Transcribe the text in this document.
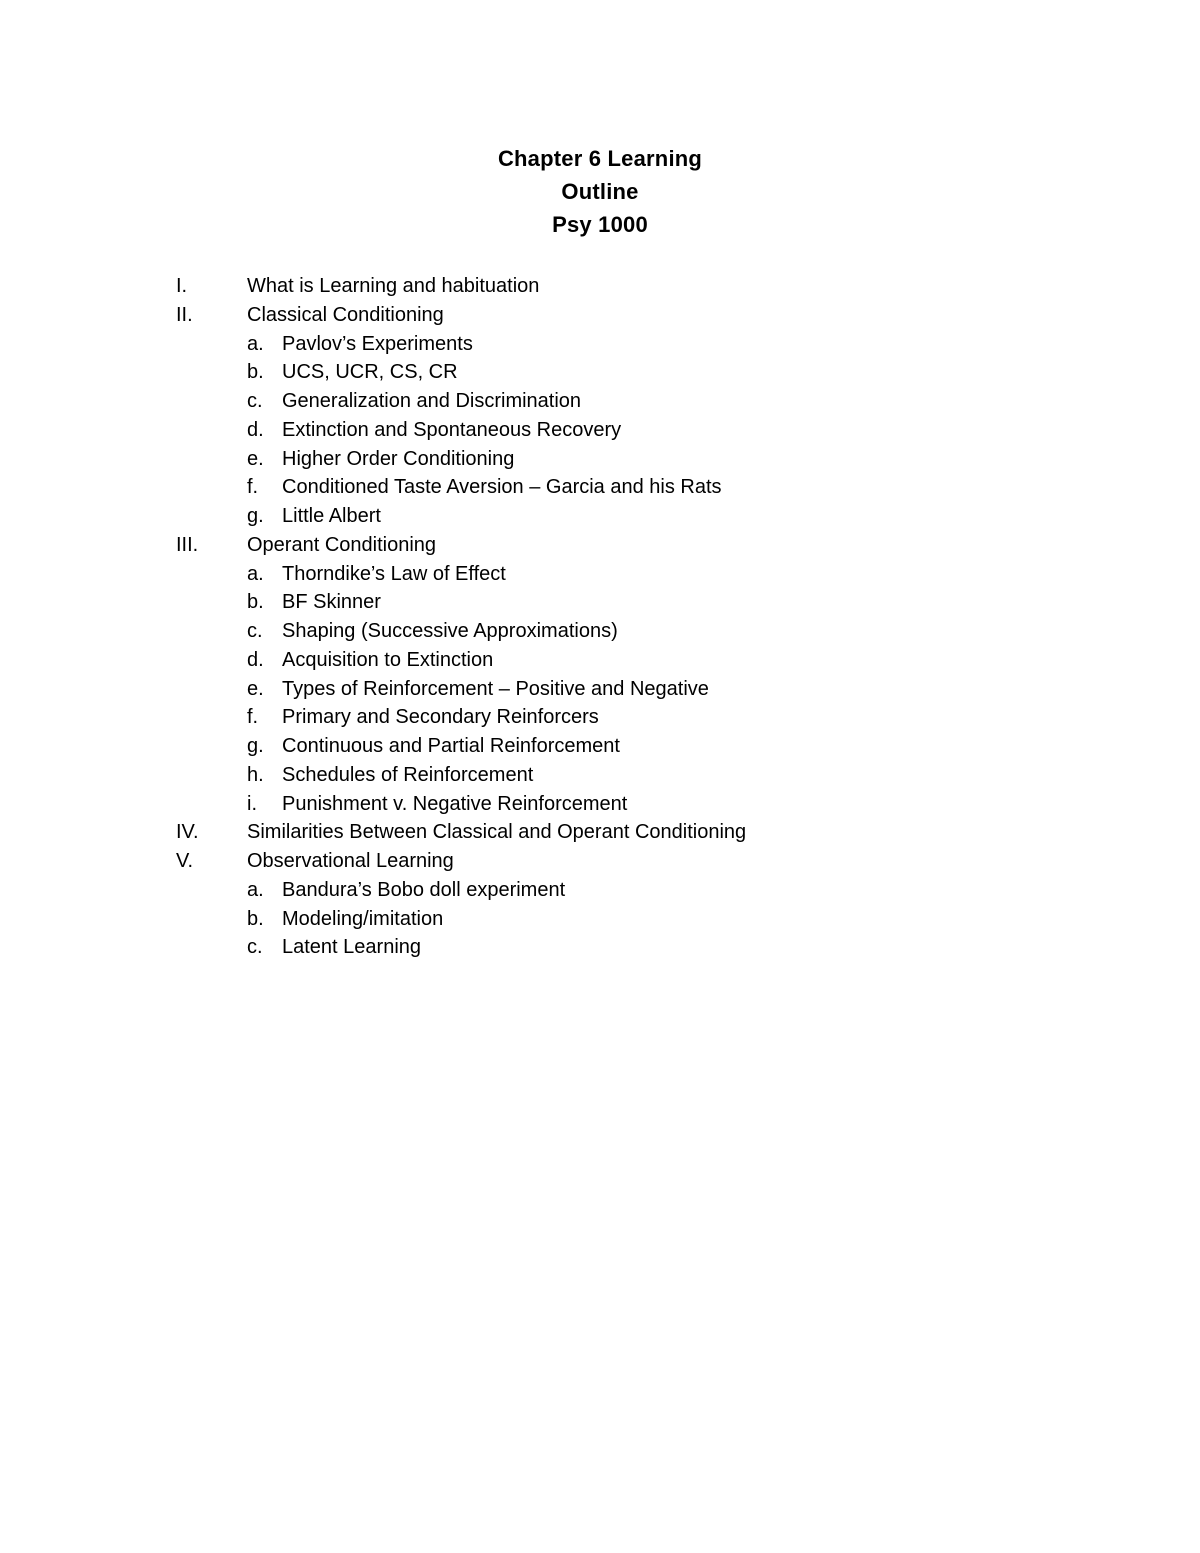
Chapter 6 Learning
Outline
Psy 1000
I.	What is Learning and habituation
II.	Classical Conditioning
a. Pavlov’s Experiments
b. UCS, UCR, CS, CR
c. Generalization and Discrimination
d. Extinction and Spontaneous Recovery
e. Higher Order Conditioning
f. Conditioned Taste Aversion – Garcia and his Rats
g. Little Albert
III. Operant Conditioning
a. Thorndike’s Law of Effect
b. BF Skinner
c. Shaping (Successive Approximations)
d. Acquisition to Extinction
e. Types of Reinforcement – Positive and Negative
f. Primary and Secondary Reinforcers
g. Continuous and Partial Reinforcement
h. Schedules of Reinforcement
i. Punishment v. Negative Reinforcement
IV. Similarities Between Classical and Operant Conditioning
V.	Observational Learning
a. Bandura’s Bobo doll experiment
b. Modeling/imitation
c. Latent Learning
